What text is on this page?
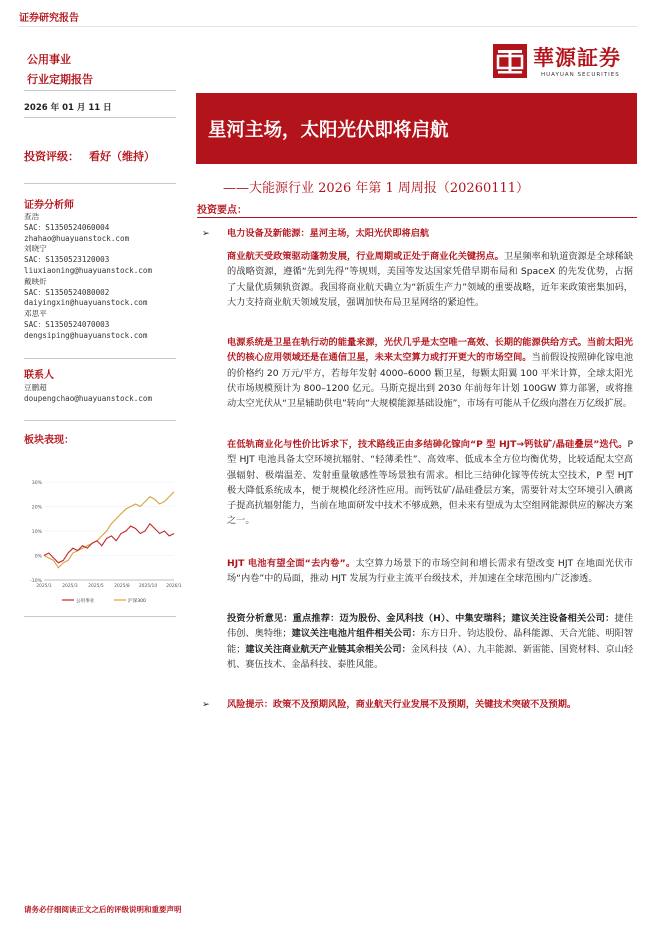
证券研究报告
公用事业
行业定期报告
華源証券
HUAYUAN SECURITIES
2026 年 01 月 11 日
投资评级： 看好（维持）
星河主场，太阳光伏即将启航
——大能源行业 2026 年第 1 周周报（20260111）
证券分析师
查浩
SAC：S1350524060004
zhahao@huayuanstock.com
刘晓宁
SAC：S1350523120003
liuxiaoning@huayuanstock.com
戴映炘
SAC：S1350524080002
daiyingxin@huayuanstock.com
邓思平
SAC：S1350524070003
dengsiping@huayuanstock.com
联系人
豆鹏超
doupengchao@huayuanstock.com
板块表现：
30%
20%
10%
0%
-10%
2025/1 2025/3 2025/5 2025/8 2025/10 2026/1
公用事业	沪深300
投资要点：
➢ 电力设备及新能源：星河主场，太阳光伏即将启航
商业航天受政策驱动蓬勃发展，行业周期或正处于商业化关键拐点。卫星频率和轨道资源是全球稀缺的战略资源，遵循“先到先得”等规则，美国等发达国家凭借早期布局和 SpaceX 的先发优势，占据了大量优质频轨资源。我国将商业航天确立为“新质生产力”领域的重要战略，近年来政策密集加码，大力支持商业航天领域发展，强调加快布局卫星网络的紧迫性。
电源系统是卫星在轨行动的能量来源，光伏几乎是太空唯一高效、长期的能源供给方式。当前太阳光伏的核心应用领域还是在通信卫星，未来太空算力或打开更大的市场空间。当前假设按照砷化镓电池的价格约 20 万元/平方，若每年发射 4000–6000 颗卫星，每颗太阳翼 100 平米计算，全球太阳光伏市场规模预计为 800–1200 亿元。马斯克提出到 2030 年前每年计划 100GW 算力部署，或将推动太空光伏从“卫星辅助供电”转向“大规模能源基础设施”，市场有可能从千亿级向潜在万亿级扩展。
在低轨商业化与性价比诉求下，技术路线正由多结砷化镓向“P 型 HJT→钙钛矿/晶硅叠层”迭代。P 型 HJT 电池具备太空环境抗辐射、“轻薄柔性”、高效率、低成本全方位均衡优势，比较适配太空高强辐射、极端温差、发射重量敏感性等场景独有需求。相比三结砷化镓等传统太空技术，P 型 HJT 极大降低系统成本，便于规模化经济性应用。而钙钛矿/晶硅叠层方案，需要针对太空环境引入碘离子提高抗辐射能力，当前在地面研发中技术不够成熟，但未来有望成为太空组网能源供应的解决方案之一。
HJT 电池有望全面“去内卷”。太空算力场景下的市场空间和增长需求有望改变 HJT 在地面光伏市场“内卷”中的局面，推动 HJT 发展为行业主流平台级技术，并加速在全球范围内广泛渗透。
投资分析意见：重点推荐：迈为股份、金风科技（H）、中集安瑞科；建议关注设备相关公司：捷佳伟创、奥特维；建议关注电池片组件相关公司：东方日升、钧达股份、晶科能源、天合光能、明阳智能；建议关注商业航天产业链其余相关公司：金风科技（A）、九丰能源、新雷能、国瓷材料、京山轻机、赛伍技术、金晶科技、泰胜风能。
➢	风险提示：政策不及预期风险，商业航天行业发展不及预期，关键技术突破不及预期。
请务必仔细阅读正文之后的评级说明和重要声明
